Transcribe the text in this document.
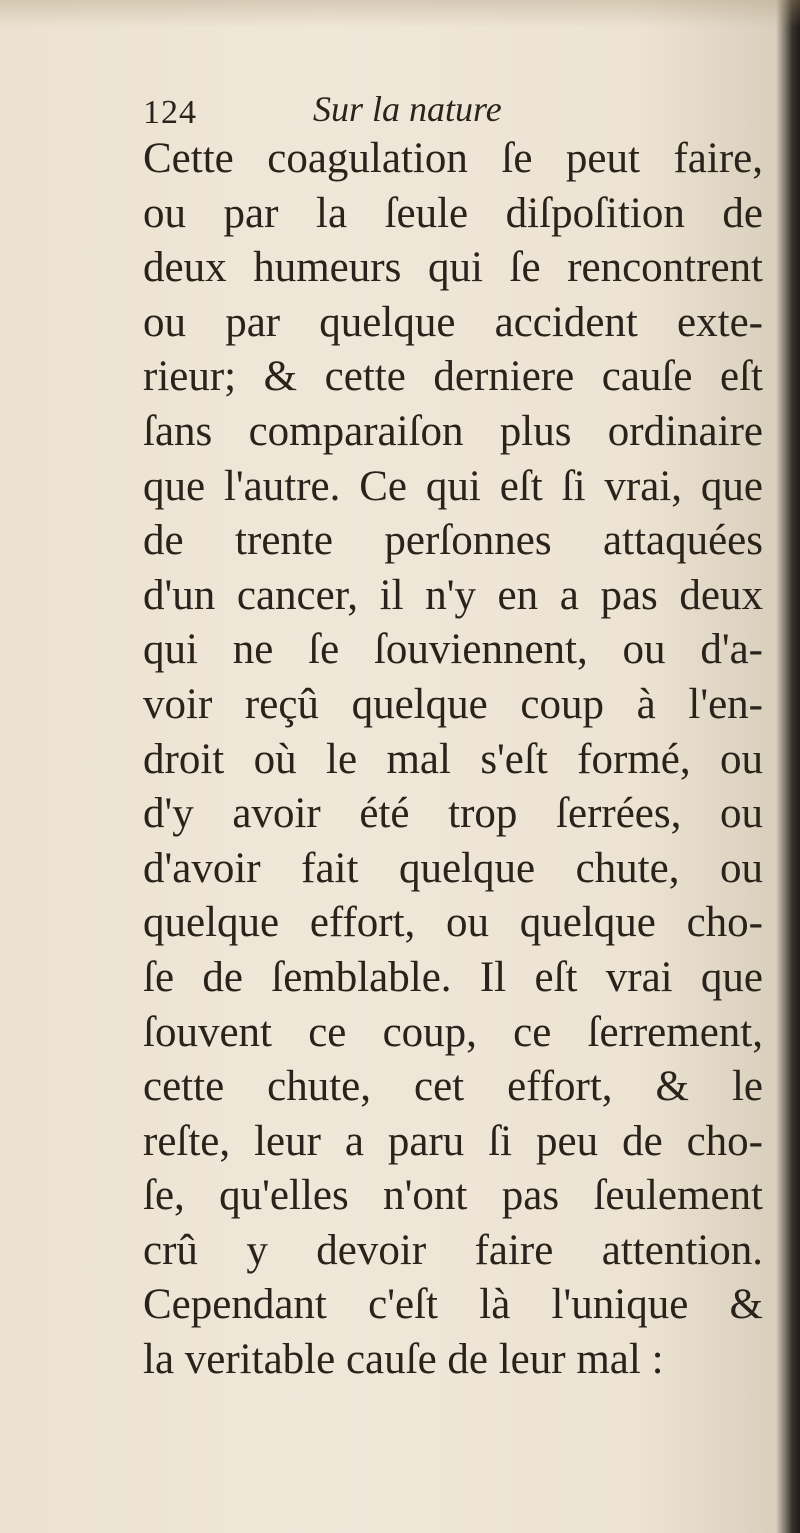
124	Sur la nature
Cette coagulation ſe peut faire,
ou par la ſeule diſpoſition de
deux humeurs qui ſe rencontrent
ou par quelque accident exte-
rieur; & cette derniere cauſe eſt
ſans comparaiſon plus ordinaire
que l'autre. Ce qui eſt ſi vrai, que
de trente perſonnes attaquées
d'un cancer, il n'y en a pas deux
qui ne ſe ſouviennent, ou d'a-
voir reçû quelque coup à l'en-
droit où le mal s'eſt formé, ou
d'y avoir été trop ſerrées, ou
d'avoir fait quelque chute, ou
quelque effort, ou quelque cho-
ſe de ſemblable. Il eſt vrai que
ſouvent ce coup, ce ſerrement,
cette chute, cet effort, & le
reſte, leur a paru ſi peu de cho-
ſe, qu'elles n'ont pas ſeulement
crû y devoir faire attention.
Cependant c'eſt là l'unique &
la veritable cauſe de leur mal :
